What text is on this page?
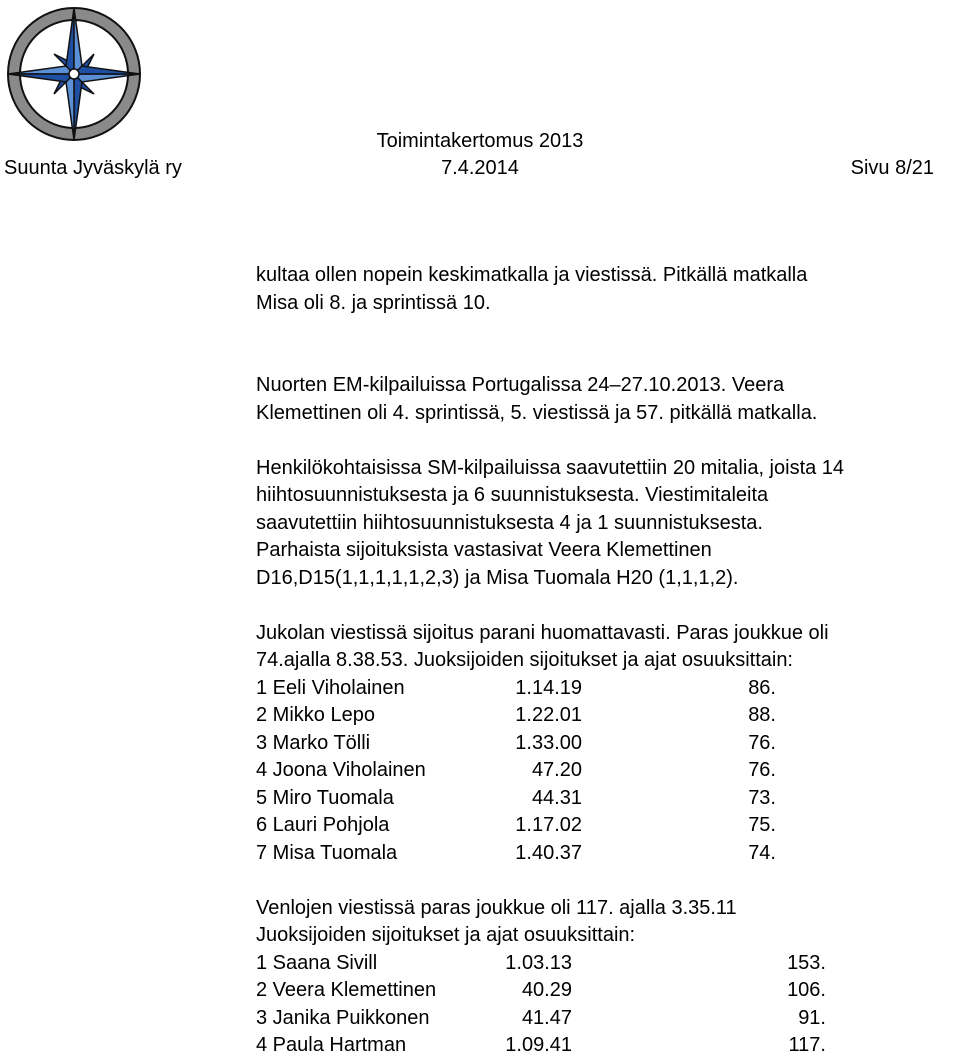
Toimintakertomus 2013
Suunta Jyväskylä ry	7.4.2014	Sivu 8/21
kultaa ollen nopein keskimatkalla ja viestissä. Pitkällä matkalla
Misa oli 8. ja sprintissä 10.
Nuorten EM-kilpailuissa Portugalissa 24–27.10.2013. Veera
Klemettinen oli 4. sprintissä, 5. viestissä ja 57. pitkällä matkalla.
Henkilökohtaisissa SM-kilpailuissa saavutettiin 20 mitalia, joista 14
hiihtosuunnistuksesta ja 6 suunnistuksesta. Viestimitaleita
saavutettiin hiihtosuunnistuksesta 4 ja 1 suunnistuksesta.
Parhaista sijoituksista vastasivat Veera Klemettinen
D16,D15(1,1,1,1,1,2,3) ja Misa Tuomala H20 (1,1,1,2).
Jukolan viestissä sijoitus parani huomattavasti. Paras joukkue oli
74.ajalla 8.38.53. Juoksijoiden sijoitukset ja ajat osuuksittain:
1 Eeli Viholainen	1.14.19	86.
2 Mikko Lepo	1.22.01	88.
3 Marko Tölli	1.33.00	76.
4 Joona Viholainen	47.20	76.
5 Miro Tuomala	44.31	73.
6 Lauri Pohjola	1.17.02	75.
7 Misa Tuomala	1.40.37	74.
Venlojen viestissä paras joukkue oli 117. ajalla 3.35.11
Juoksijoiden sijoitukset ja ajat osuuksittain:
1 Saana Sivill	1.03.13	153.
2 Veera Klemettinen	40.29	106.
3 Janika Puikkonen	41.47	91.
4 Paula Hartman	1.09.41	117.
